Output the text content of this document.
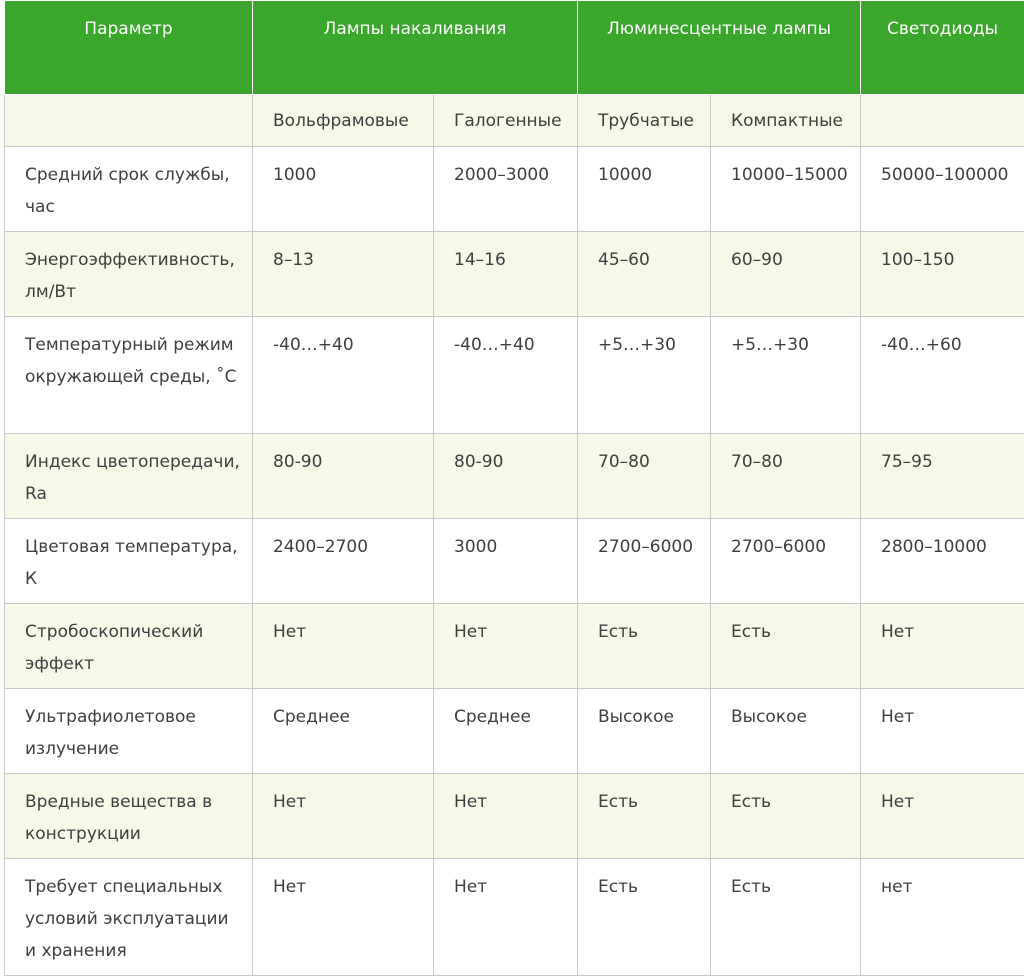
Параметр	Лампы накаливания		Люминесцентные лампы		Светодиоды
	Вольфрамовые	Галогенные	Трубчатые	Компактные	
Средний срок службы, час	1000	2000–3000	10000	10000–15000	50000–100000
Энергоэффективность, лм/Вт	8–13	14–16	45–60	60–90	100–150
Температурный режим окружающей среды, ˚С	-40…+40	-40…+40	+5…+30	+5…+30	-40…+60
Индекс цветопередачи, Ra	80-90	80-90	70–80	70–80	75–95
Цветовая температура, К	2400–2700	3000	2700–6000	2700–6000	2800–10000
Стробоскопический эффект	Нет	Нет	Есть	Есть	Нет
Ультрафиолетовое излучение	Среднее	Среднее	Высокое	Высокое	Нет
Вредные вещества в конструкции	Нет	Нет	Есть	Есть	Нет
Требует специальных условий эксплуатации и хранения	Нет	Нет	Есть	Есть	нет
